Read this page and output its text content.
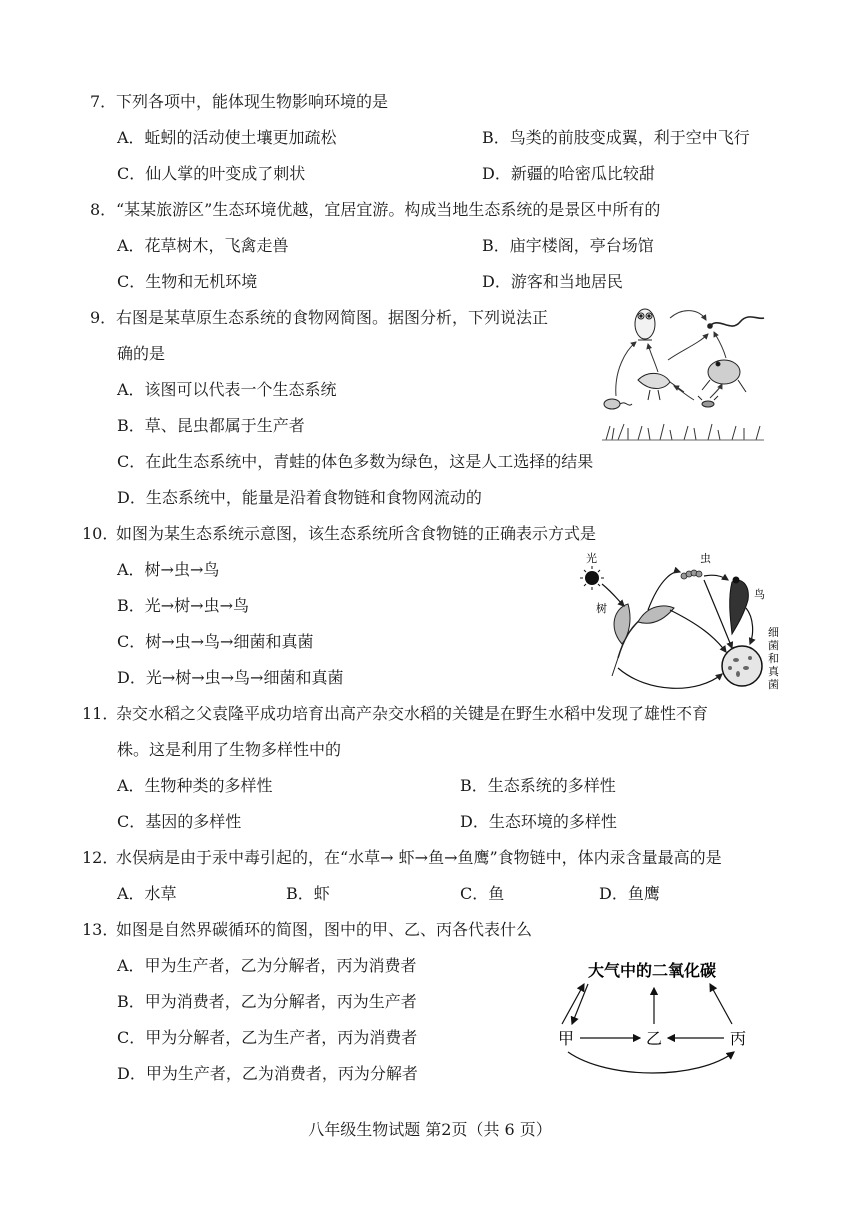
7． 下列各项中，能体现生物影响环境的是
A．蚯蚓的活动使土壤更加疏松	B．鸟类的前肢变成翼，利于空中飞行
C．仙人掌的叶变成了刺状	D．新疆的哈密瓜比较甜
8． “某某旅游区”生态环境优越，宜居宜游。构成当地生态系统的是景区中所有的
A．花草树木，飞禽走兽	B．庙宇楼阁，亭台场馆
C．生物和无机环境	D．游客和当地居民
9． 右图是某草原生态系统的食物网简图。据图分析，下列说法正
确的是
A．该图可以代表一个生态系统
B．草、昆虫都属于生产者
C．在此生态系统中，青蛙的体色多数为绿色，这是人工选择的结果
D．生态系统中，能量是沿着食物链和食物网流动的
10．
如图为某生态系统示意图，该生态系统所含食物链的正确表示方式是
A．树→虫→鸟
B．光→树→虫→鸟
C．树→虫→鸟→细菌和真菌
D．光→树→虫→鸟→细菌和真菌
光
树
虫
鸟
细 菌 和 真 菌
11．
杂交水稻之父袁隆平成功培育出高产杂交水稻的关键是在野生水稻中发现了雄性不育
株。这是利用了生物多样性中的
A．生物种类的多样性	B．生态系统的多样性
C．基因的多样性	D．生态环境的多样性
12．
水俣病是由于汞中毒引起的，在“水草→ 虾→鱼→鱼鹰”食物链中，体内汞含量最高的是
A．水草	B．虾	C．鱼	D．鱼鹰
13．
如图是自然界碳循环的简图，图中的甲、乙、丙各代表什么
A．甲为生产者，乙为分解者，丙为消费者
B．甲为消费者，乙为分解者，丙为生产者
C．甲为分解者，乙为生产者，丙为消费者
D．甲为生产者，乙为消费者，丙为分解者
大气中的二氧化碳
甲	乙	丙
八年级生物试题 第2页（共 6 页）
